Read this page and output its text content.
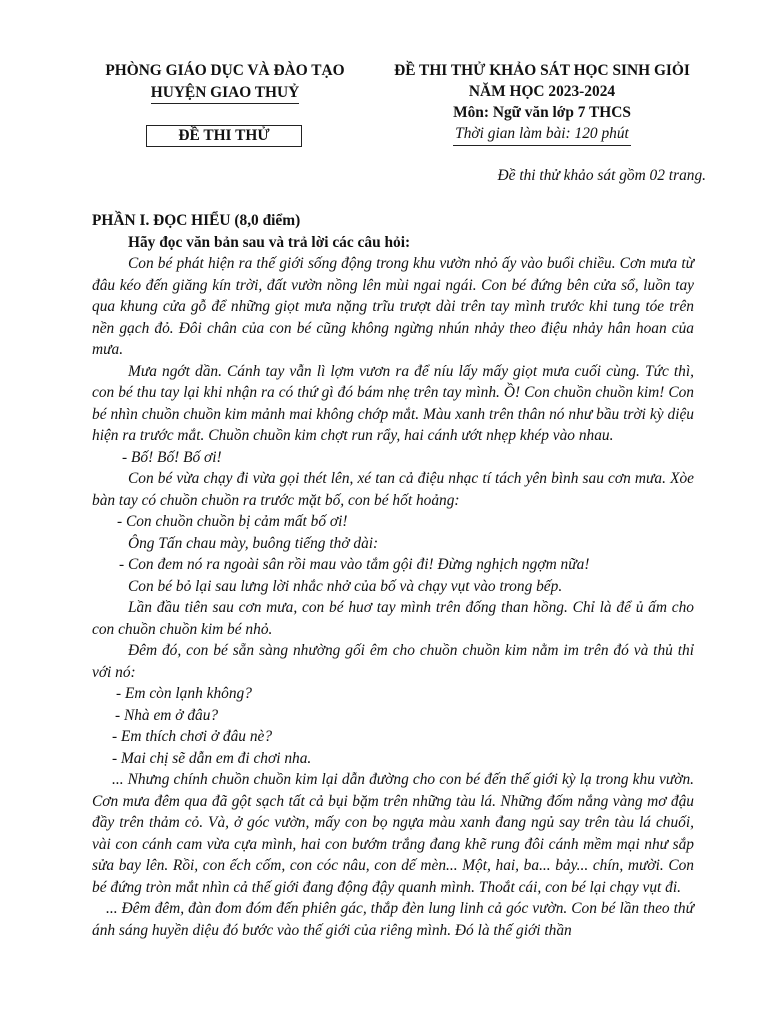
PHÒNG GIÁO DỤC VÀ ĐÀO TẠO
HUYỆN GIAO THUỶ
ĐỀ THI THỬ KHẢO SÁT HỌC SINH GIỎI
NĂM HỌC 2023-2024
Môn: Ngữ văn lớp 7 THCS
Thời gian làm bài: 120 phút
ĐỀ THI THỬ
Đề thi thử khảo sát gồm 02 trang.

PHẦN I. ĐỌC HIỂU (8,0 điểm)

Hãy đọc văn bản sau và trả lời các câu hỏi:

Con bé phát hiện ra thế giới sống động trong khu vườn nhỏ ấy vào buổi chiều. Cơn mưa từ đâu kéo đến giăng kín trời, đất vườn nồng lên mùi ngai ngái. Con bé đứng bên cửa sổ, luồn tay qua khung cửa gỗ để những giọt mưa nặng trĩu trượt dài trên tay mình trước khi tung tóe trên nền gạch đỏ. Đôi chân của con bé cũng không ngừng nhún nhảy theo điệu nhảy hân hoan của mưa.

Mưa ngớt dần. Cánh tay vẫn lì lợm vươn ra để níu lấy mấy giọt mưa cuối cùng. Tức thì, con bé thu tay lại khi nhận ra có thứ gì đó bám nhẹ trên tay mình. Ồ! Con chuồn chuồn kim! Con bé nhìn chuồn chuồn kim mảnh mai không chớp mắt. Màu xanh trên thân nó như bầu trời kỳ diệu hiện ra trước mắt. Chuồn chuồn kim chợt run rẩy, hai cánh ướt nhẹp khép vào nhau.

- Bố! Bố! Bố ơi!

Con bé vừa chạy đi vừa gọi thét lên, xé tan cả điệu nhạc tí tách yên bình sau cơn mưa. Xòe bàn tay có chuồn chuồn ra trước mặt bố, con bé hốt hoảng:

- Con chuồn chuồn bị cảm mất bố ơi!

Ông Tấn chau mày, buông tiếng thở dài:

- Con đem nó ra ngoài sân rồi mau vào tắm gội đi! Đừng nghịch ngợm nữa!

Con bé bỏ lại sau lưng lời nhắc nhở của bố và chạy vụt vào trong bếp.

Lần đầu tiên sau cơn mưa, con bé huơ tay mình trên đống than hồng. Chỉ là để ủ ấm cho con chuồn chuồn kim bé nhỏ.

Đêm đó, con bé sẵn sàng nhường gối êm cho chuồn chuồn kim nằm im trên đó và thủ thỉ với nó:

- Em còn lạnh không?

- Nhà em ở đâu?

- Em thích chơi ở đâu nè?

- Mai chị sẽ dẫn em đi chơi nha.

... Nhưng chính chuồn chuồn kim lại dẫn đường cho con bé đến thế giới kỳ lạ trong khu vườn. Cơn mưa đêm qua đã gột sạch tất cả bụi bặm trên những tàu lá. Những đốm nắng vàng mơ đậu đầy trên thảm cỏ. Và, ở góc vườn, mấy con bọ ngựa màu xanh đang ngủ say trên tàu lá chuối, vài con cánh cam vừa cựa mình, hai con bướm trắng đang khẽ rung đôi cánh mềm mại như sắp sửa bay lên. Rồi, con ếch cốm, con cóc nâu, con dế mèn... Một, hai, ba... bảy... chín, mười. Con bé đứng tròn mắt nhìn cả thế giới đang động đậy quanh mình. Thoắt cái, con bé lại chạy vụt đi.

... Đêm đêm, đàn đom đóm đến phiên gác, thắp đèn lung linh cả góc vườn. Con bé lần theo thứ ánh sáng huyền diệu đó bước vào thế giới của riêng mình. Đó là thế giới thần
